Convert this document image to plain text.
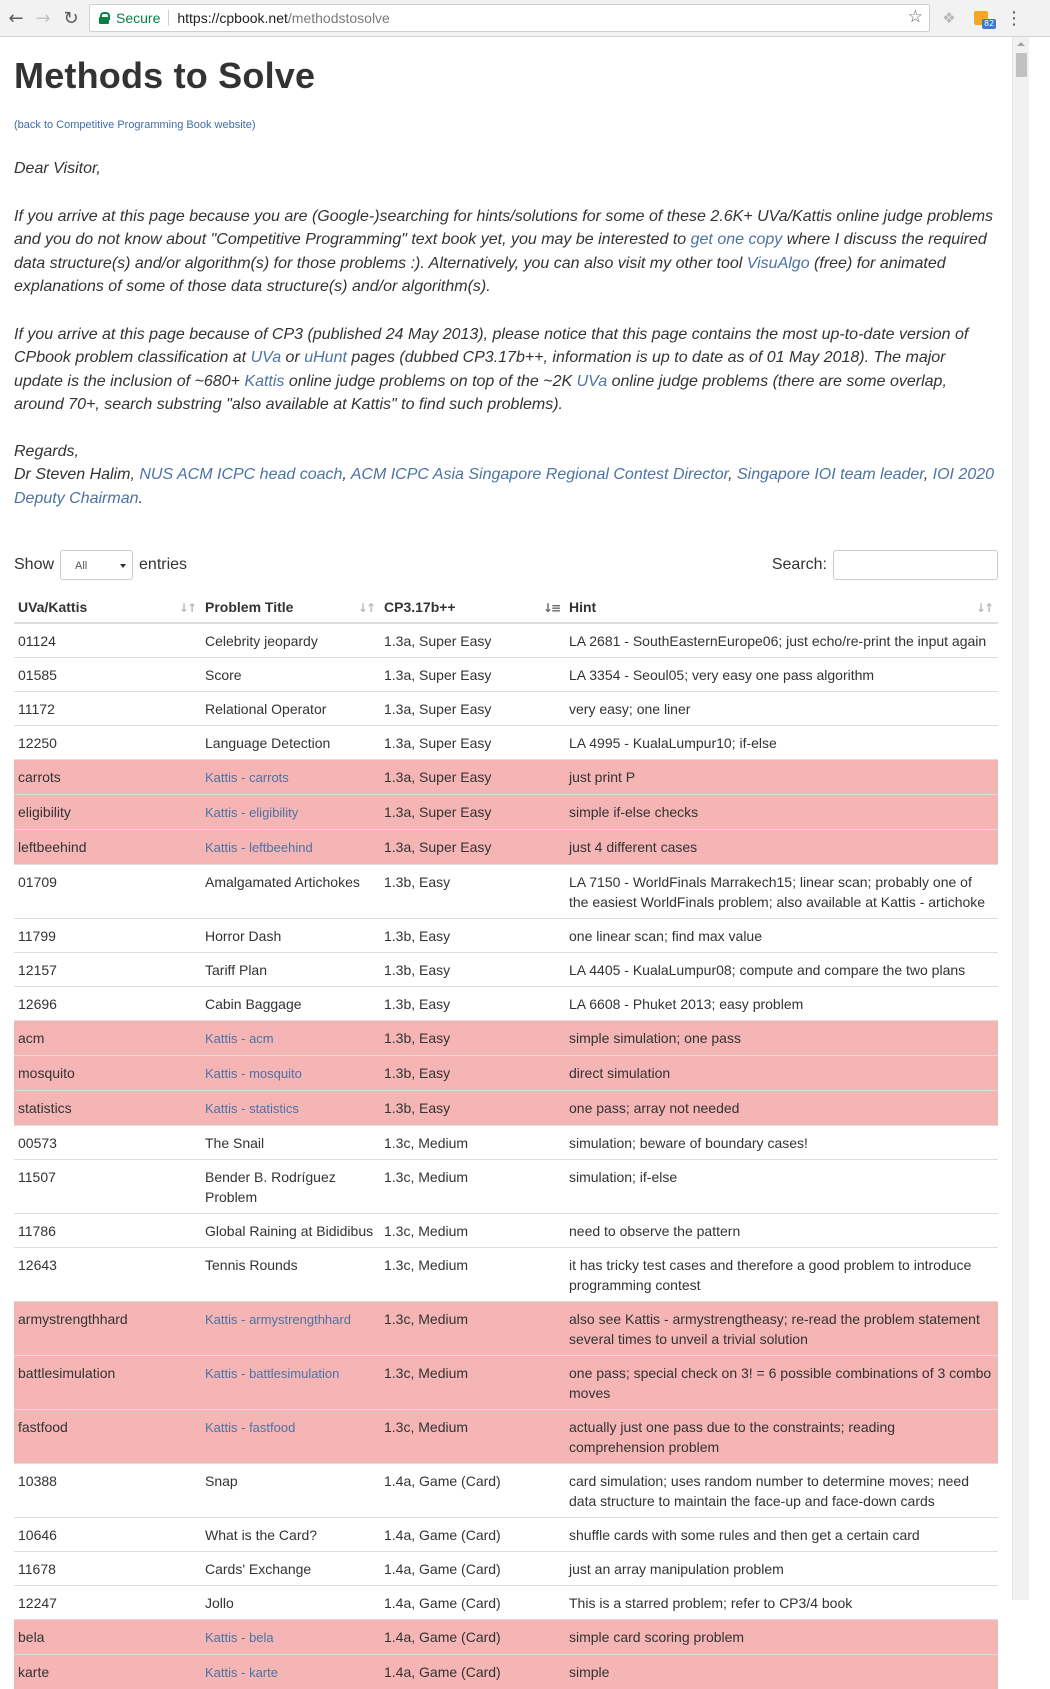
← → ↻	Secure https://cpbook.net /methodstosolve	☆ ❖	82 ⋮
Methods to Solve
(back to Competitive Programming Book website)

Dear Visitor,

If you arrive at this page because you are (Google-)searching for hints/solutions for some of these 2.6K+ UVa/Kattis online judge problems and you do not know about "Competitive Programming" text book yet, you may be interested to get one copy where I discuss the required data structure(s) and/or algorithm(s) for those problems :). Alternatively, you can also visit my other tool VisuAlgo (free) for animated explanations of some of those data structure(s) and/or algorithm(s).

If you arrive at this page because of CP3 (published 24 May 2013), please notice that this page contains the most up-to-date version of CPbook problem classification at UVa or uHunt pages (dubbed CP3.17b++, information is up to date as of 01 May 2018). The major update is the inclusion of ~680+ Kattis online judge problems on top of the ~2K UVa online judge problems (there are some overlap, around 70+, search substring "also available at Kattis" to find such problems).

Regards,
Dr Steven Halim, NUS ACM ICPC head coach, ACM ICPC Asia Singapore Regional Contest Director, Singapore IOI team leader, IOI 2020 Deputy Chairman.

Show	All	entries	Search:
UVa/Kattis ↓↑	Problem Title ↓↑	CP3.17b++ ↓≡	Hint ↓↑

01124	Celebrity jeopardy	1.3a, Super Easy	LA 2681 - SouthEasternEurope06; just echo/re-print the input again
01585	Score	1.3a, Super Easy	LA 3354 - Seoul05; very easy one pass algorithm
11172	Relational Operator	1.3a, Super Easy	very easy; one liner
12250	Language Detection	1.3a, Super Easy	LA 4995 - KualaLumpur10; if-else
carrots	Kattis - carrots	1.3a, Super Easy	just print P
eligibility	Kattis - eligibility	1.3a, Super Easy	simple if-else checks
leftbeehind	Kattis - leftbeehind	1.3a, Super Easy	just 4 different cases
01709	Amalgamated Artichokes	1.3b, Easy	LA 7150 - WorldFinals Marrakech15; linear scan; probably one of the easiest WorldFinals problem; also available at Kattis - artichoke
11799	Horror Dash	1.3b, Easy	one linear scan; find max value
12157	Tariff Plan	1.3b, Easy	LA 4405 - KualaLumpur08; compute and compare the two plans
12696	Cabin Baggage	1.3b, Easy	LA 6608 - Phuket 2013; easy problem
acm	Kattis - acm	1.3b, Easy	simple simulation; one pass
mosquito	Kattis - mosquito	1.3b, Easy	direct simulation
statistics	Kattis - statistics	1.3b, Easy	one pass; array not needed
00573	The Snail	1.3c, Medium	simulation; beware of boundary cases!
11507	Bender B. Rodríguez Problem	1.3c, Medium	simulation; if-else
11786	Global Raining at Bididibus	1.3c, Medium	need to observe the pattern
12643	Tennis Rounds	1.3c, Medium	it has tricky test cases and therefore a good problem to introduce programming contest
armystrengthhard	Kattis - armystrengthhard	1.3c, Medium	also see Kattis - armystrengtheasy; re-read the problem statement several times to unveil a trivial solution
battlesimulation	Kattis - battlesimulation	1.3c, Medium	one pass; special check on 3! = 6 possible combinations of 3 combo moves
fastfood	Kattis - fastfood	1.3c, Medium	actually just one pass due to the constraints; reading comprehension problem
10388	Snap	1.4a, Game (Card)	card simulation; uses random number to determine moves; need data structure to maintain the face-up and face-down cards
10646	What is the Card?	1.4a, Game (Card)	shuffle cards with some rules and then get a certain card
11678	Cards' Exchange	1.4a, Game (Card)	just an array manipulation problem
12247	Jollo	1.4a, Game (Card)	This is a starred problem; refer to CP3/4 book
bela	Kattis - bela	1.4a, Game (Card)	simple card scoring problem
karte	Kattis - karte	1.4a, Game (Card)	simple
